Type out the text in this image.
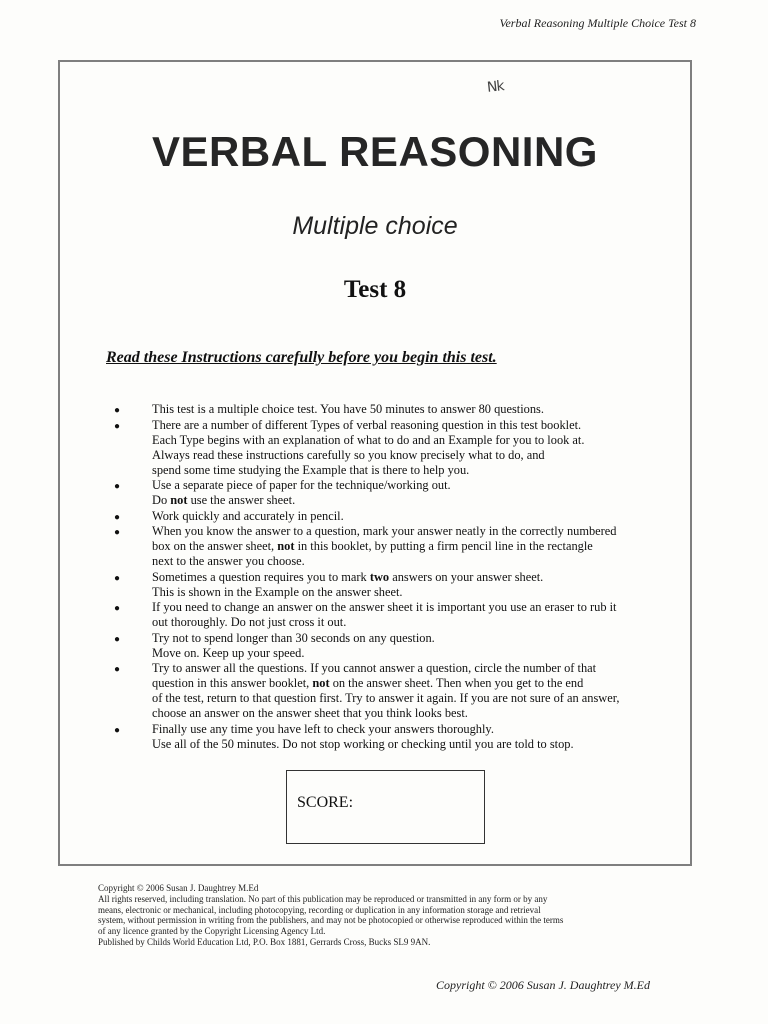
Verbal Reasoning Multiple Choice Test 8
Nk
VERBAL REASONING
Multiple choice
Test 8
Read these Instructions carefully before you begin this test.
●	This test is a multiple choice test. You have 50 minutes to answer 80 questions.
●	There are a number of different Types of verbal reasoning question in this test booklet.
Each Type begins with an explanation of what to do and an Example for you to look at.
Always read these instructions carefully so you know precisely what to do, and
spend some time studying the Example that is there to help you.
●	Use a separate piece of paper for the technique/working out.
Do not use the answer sheet.
●	Work quickly and accurately in pencil.
●	When you know the answer to a question, mark your answer neatly in the correctly numbered
box on the answer sheet, not in this booklet, by putting a firm pencil line in the rectangle
next to the answer you choose.
●	Sometimes a question requires you to mark two answers on your answer sheet.
This is shown in the Example on the answer sheet.
●	If you need to change an answer on the answer sheet it is important you use an eraser to rub it
out thoroughly. Do not just cross it out.
●	Try not to spend longer than 30 seconds on any question.
Move on. Keep up your speed.
●	Try to answer all the questions. If you cannot answer a question, circle the number of that
question in this answer booklet, not on the answer sheet. Then when you get to the end
of the test, return to that question first. Try to answer it again. If you are not sure of an answer,
choose an answer on the answer sheet that you think looks best.
●	Finally use any time you have left to check your answers thoroughly.
Use all of the 50 minutes. Do not stop working or checking until you are told to stop.
SCORE:
Copyright © 2006 Susan J. Daughtrey M.Ed
All rights reserved, including translation. No part of this publication may be reproduced or transmitted in any form or by any
means, electronic or mechanical, including photocopying, recording or duplication in any information storage and retrieval
system, without permission in writing from the publishers, and may not be photocopied or otherwise reproduced within the terms
of any licence granted by the Copyright Licensing Agency Ltd.
Published by Childs World Education Ltd, P.O. Box 1881, Gerrards Cross, Bucks SL9 9AN.
Copyright © 2006 Susan J. Daughtrey M.Ed
